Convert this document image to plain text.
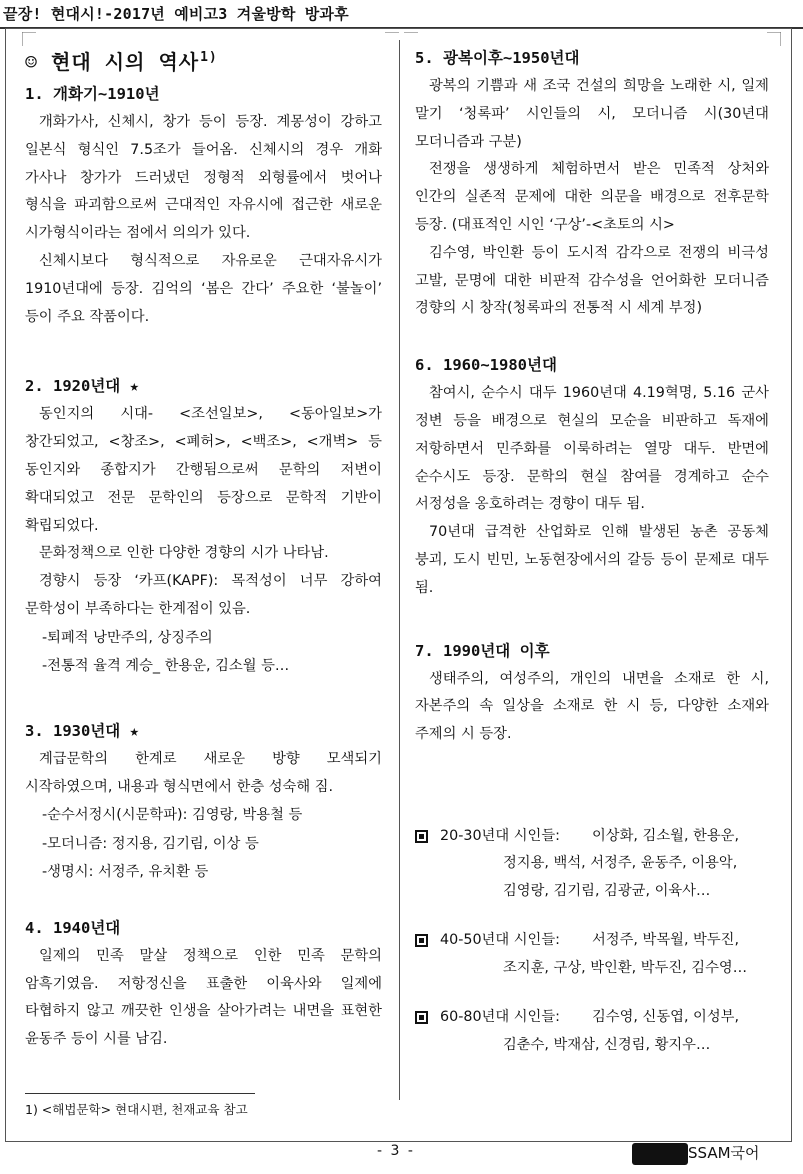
끝장! 현대시!-2017년 예비고3 겨울방학 방과후
☺ 현대 시의 역사$^{1)}$
1. 개화기~1910년
개화가사, 신체시, 창가 등이 등장. 계몽성이 강하고 일본식 형식인 7.5조가 들어옴. 신체시의 경우 개화 가사나 창가가 드러냈던 정형적 외형률에서 벗어나 형식을 파괴함으로써 근대적인 자유시에 접근한 새로운 시가형식이라는 점에서 의의가 있다.
신체시보다 형식적으로 자유로운 근대자유시가 1910년대에 등장. 김억의 ‘봄은 간다’ 주요한 ‘불놀이’ 등이 주요 작품이다.
2. 1920년대 ★
동인지의 시대- <조선일보>, <동아일보>가 창간되었고, <창조>, <폐허>, <백조>, <개벽> 등 동인지와 종합지가 간행됨으로써 문학의 저변이 확대되었고 전문 문학인의 등장으로 문학적 기반이 확립되었다.
문화정책으로 인한 다양한 경향의 시가 나타남.
경향시 등장 ‘카프(KAPF): 목적성이 너무 강하여 문학성이 부족하다는 한계점이 있음.
-퇴폐적 낭만주의, 상징주의
-전통적 율격 계승_ 한용운, 김소월 등…
3. 1930년대 ★
계급문학의 한계로 새로운 방향 모색되기 시작하였으며, 내용과 형식면에서 한층 성숙해 짐.
-순수서정시(시문학파): 김영랑, 박용철 등
-모더니즘: 정지용, 김기림, 이상 등
-생명시: 서정주, 유치환 등
4. 1940년대
일제의 민족 말살 정책으로 인한 민족 문학의 암흑기였음. 저항정신을 표출한 이육사와 일제에 타협하지 않고 깨끗한 인생을 살아가려는 내면을 표현한 윤동주 등이 시를 남김.
5. 광복이후~1950년대
광복의 기쁨과 새 조국 건설의 희망을 노래한 시, 일제 말기 ‘청록파’ 시인들의 시, 모더니즘 시(30년대 모더니즘과 구분)
전쟁을 생생하게 체험하면서 받은 민족적 상처와 인간의 실존적 문제에 대한 의문을 배경으로 전후문학 등장. (대표적인 시인 ‘구상’-<초토의 시>
김수영, 박인환 등이 도시적 감각으로 전쟁의 비극성 고발, 문명에 대한 비판적 감수성을 언어화한 모더니즘 경향의 시 창작(청록파의 전통적 시 세계 부정)
6. 1960~1980년대
참여시, 순수시 대두 1960년대 4.19혁명, 5.16 군사 정변 등을 배경으로 현실의 모순을 비판하고 독재에 저항하면서 민주화를 이룩하려는 열망 대두. 반면에 순수시도 등장. 문학의 현실 참여를 경계하고 순수 서정성을 옹호하려는 경향이 대두 됨.
70년대 급격한 산업화로 인해 발생된 농촌 공동체 붕괴, 도시 빈민, 노동현장에서의 갈등 등이 문제로 대두 됨.
7. 1990년대 이후
생태주의, 여성주의, 개인의 내면을 소재로 한 시, 자본주의 속 일상을 소재로 한 시 등, 다양한 소재와 주제의 시 등장.
20-30년대 시인들: 이상화, 김소월, 한용운,
정지용, 백석, 서정주, 윤동주, 이용악,
김영랑, 김기림, 김광균, 이육사…
40-50년대 시인들: 서정주, 박목월, 박두진,
조지훈, 구상, 박인환, 박두진, 김수영…
60-80년대 시인들: 김수영, 신동엽, 이성부,
김춘수, 박재삼, 신경림, 황지우…
1) <해법문학> 현대시편, 천재교육 참고
- 3 -	SSAM국어
